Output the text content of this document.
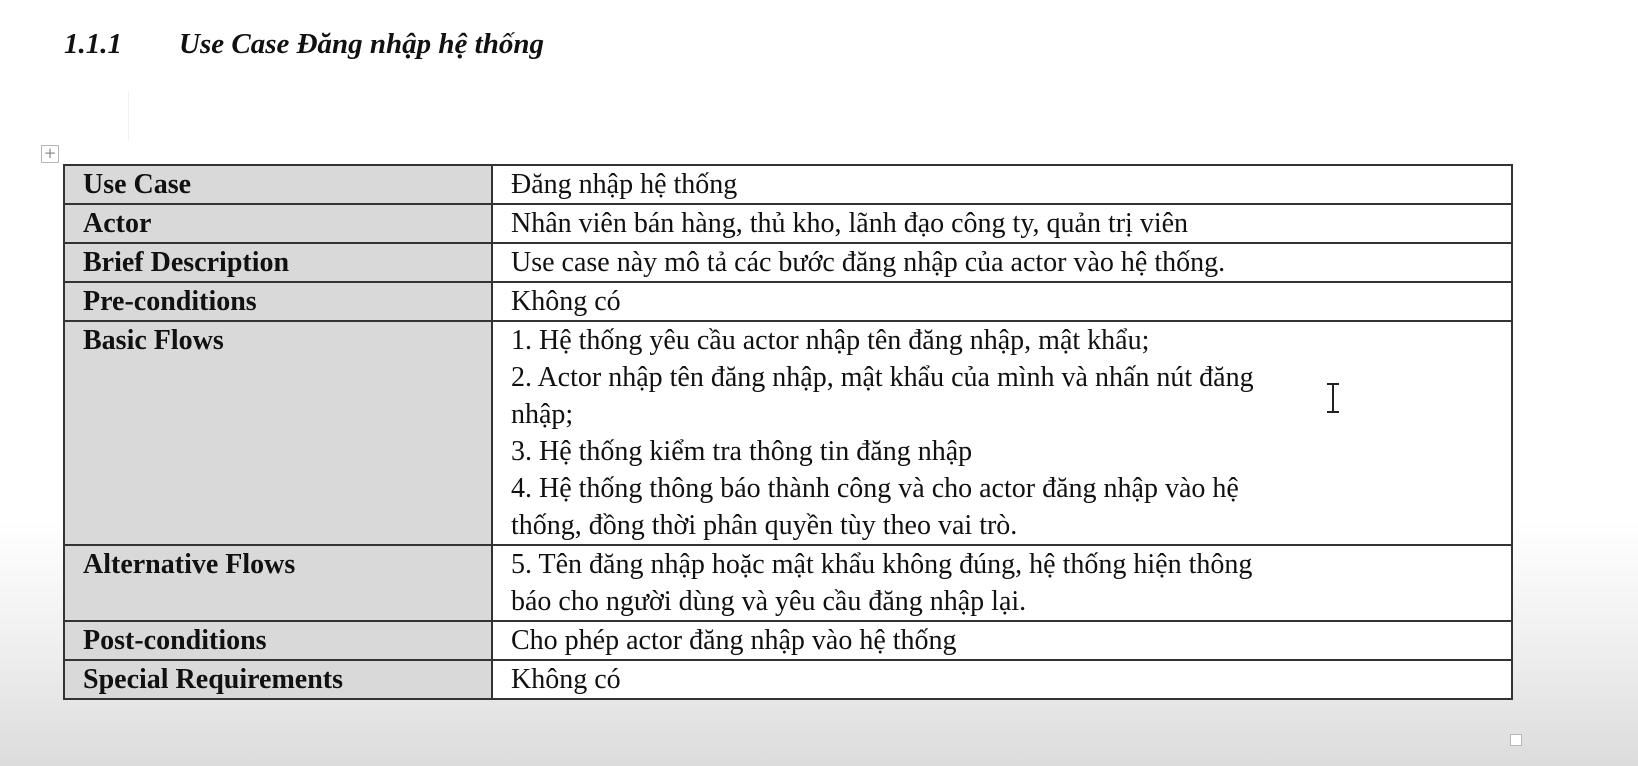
1.1.1 Use Case Đăng nhập hệ thống
+
Use Case	Đăng nhập hệ thống
Actor	Nhân viên bán hàng, thủ kho, lãnh đạo công ty, quản trị viên
Brief Description	Use case này mô tả các bước đăng nhập của actor vào hệ thống.
Pre-conditions	Không có
Basic Flows	1. Hệ thống yêu cầu actor nhập tên đăng nhập, mật khẩu;
2. Actor nhập tên đăng nhập, mật khẩu của mình và nhấn nút đăng nhập;
3. Hệ thống kiểm tra thông tin đăng nhập
4. Hệ thống thông báo thành công và cho actor đăng nhập vào hệ thống, đồng thời phân quyền tùy theo vai trò.

Alternative Flows	5. Tên đăng nhập hoặc mật khẩu không đúng, hệ thống hiện thông báo cho người dùng và yêu cầu đăng nhập lại.
Post-conditions	Cho phép actor đăng nhập vào hệ thống
Special Requirements	Không có
